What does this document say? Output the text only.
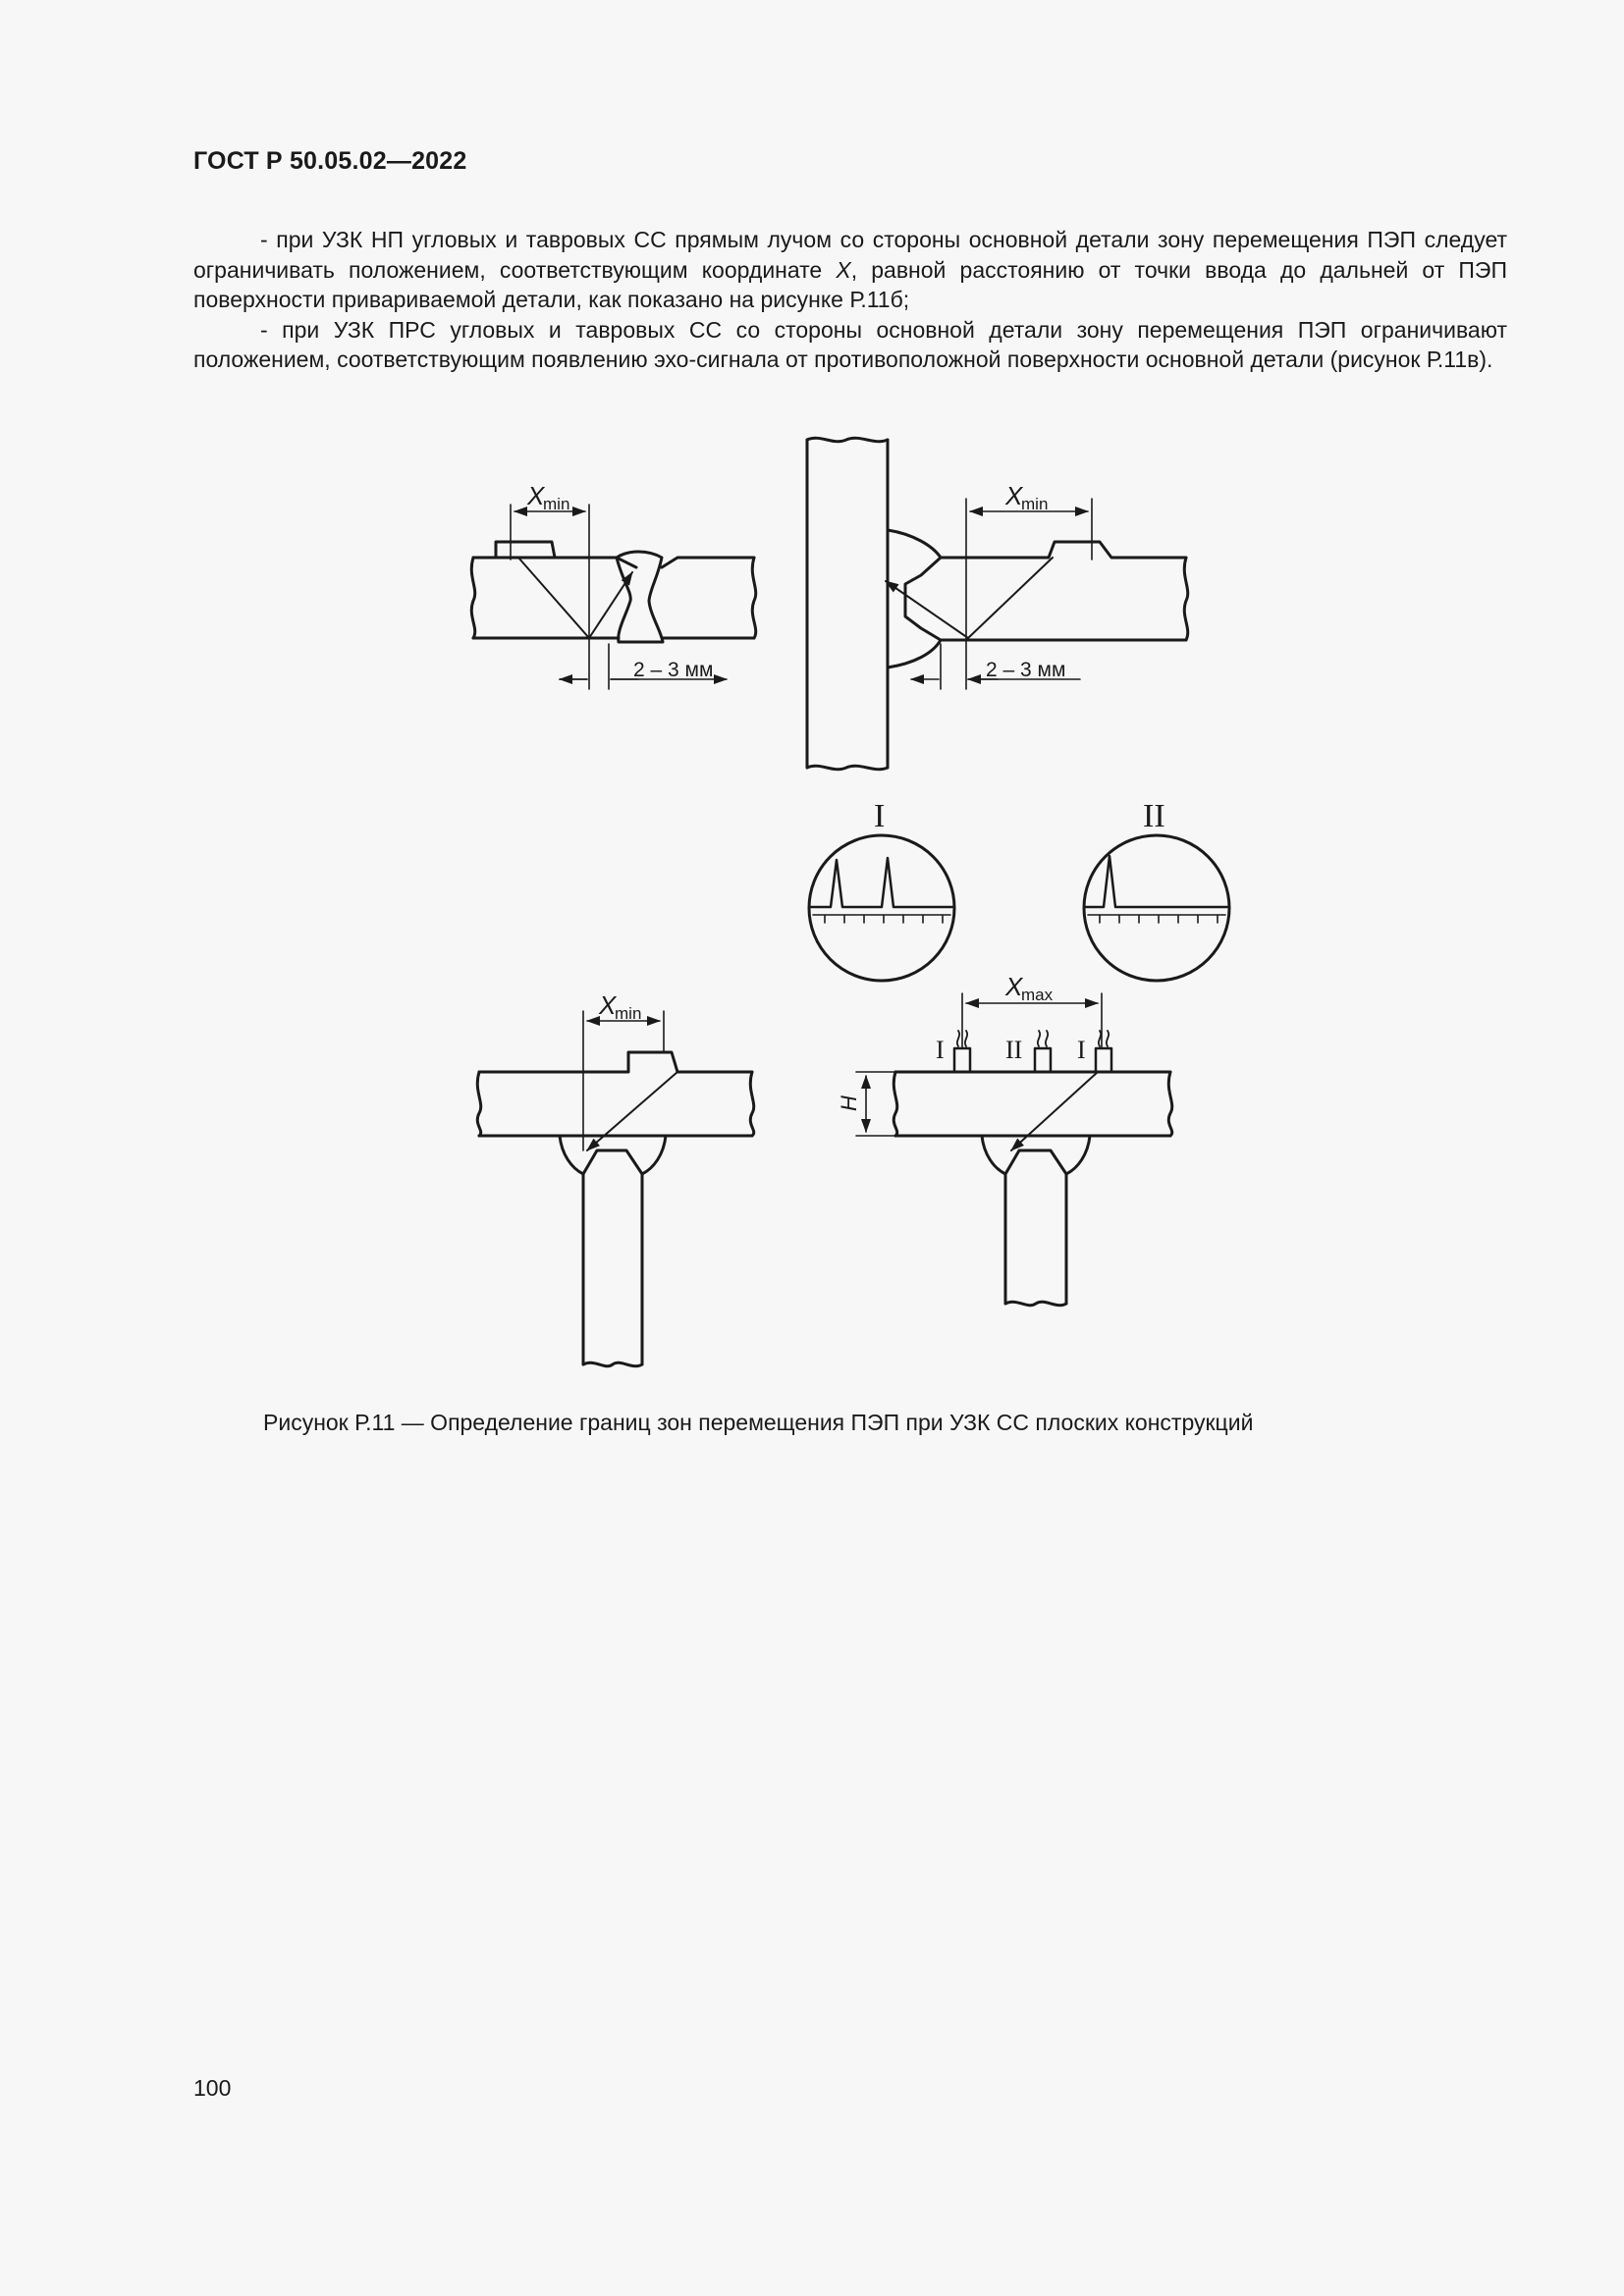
ГОСТ Р 50.05.02—2022

- при УЗК НП угловых и тавровых СС прямым лучом со стороны основной детали зону перемещения ПЭП следует ограничивать положением, соответствующим координате X, равной расстоянию от точки ввода до дальней от ПЭП поверхности привариваемой детали, как показано на рисунке Р.11б;

- при УЗК ПРС угловых и тавровых СС со стороны основной детали зону перемещения ПЭП ограничивают положением, соответствующим появлению эхо-сигнала от противоположной поверхности основной детали (рисунок Р.11в).

X
min
2 – 3 мм
X
min
2 – 3 мм
I	II
X
min
X
max
I II I
H
Рисунок Р.11 — Определение границ зон перемещения ПЭП при УЗК СС плоских конструкций
100
